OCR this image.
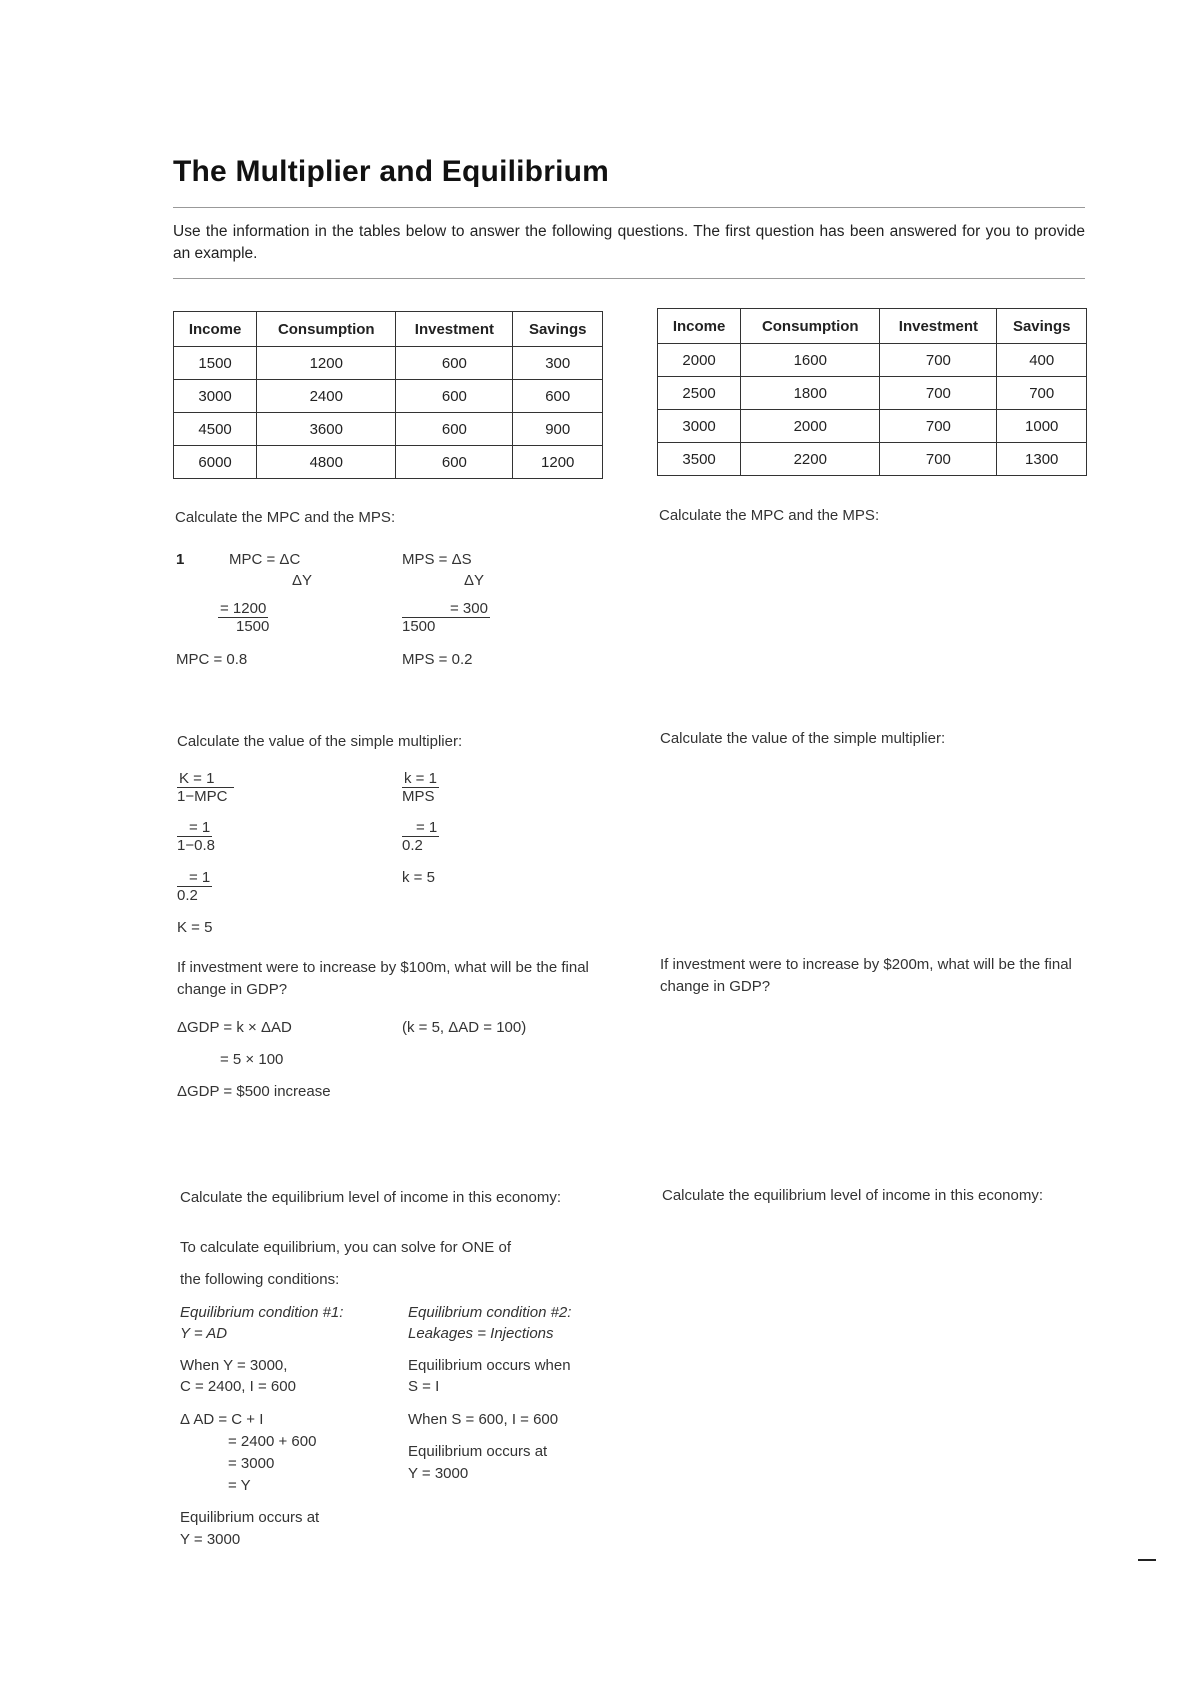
The Multiplier and Equilibrium
Use the information in the tables below to answer the following questions. The first question has been answered for you to provide an example.
Income	Consumption	Investment	Savings
1500	1200	600	300
3000	2400	600	600
4500	3600	600	900
6000	4800	600	1200
Income	Consumption	Investment	Savings
2000	1600	700	400
2500	1800	700	700
3000	2000	700	1000
3500	2200	700	1300
Calculate the MPC and the MPS:
1	MPC = ΔC
ΔY
MPS = ΔS
ΔY
$\frac{= 1200}{1500}$	$\frac{= 300}{1500}$
MPC = 0.8	MPS = 0.2
Calculate the MPC and the MPS:
Calculate the value of the simple multiplier:
K = 1
1−MPC
$\frac{= 1}{1-0.8}$
$\frac{= 1}{0.2}$
K = 5
k = 1
MPS
$\frac{= 1}{0.2}$
k = 5
Calculate the value of the simple multiplier:
If investment were to increase by $100m, what will be the final change in GDP?
ΔGDP = k × ΔAD	(k = 5, ΔAD = 100)
= 5 × 100
ΔGDP = $500 increase
If investment were to increase by $200m, what will be the final change in GDP?
Calculate the equilibrium level of income in this economy:
To calculate equilibrium, you can solve for ONE of
the following conditions:
Equilibrium condition #1:
Y = AD
Equilibrium condition #2:
Leakages = Injections
When Y = 3000,
C = 2400, I = 600
Δ AD = C + I
= 2400 + 600
= 3000
= Y
Equilibrium occurs at
Y = 3000
Equilibrium occurs when
S = I
When S = 600, I = 600
Equilibrium occurs at
Y = 3000
Calculate the equilibrium level of income in this economy:
